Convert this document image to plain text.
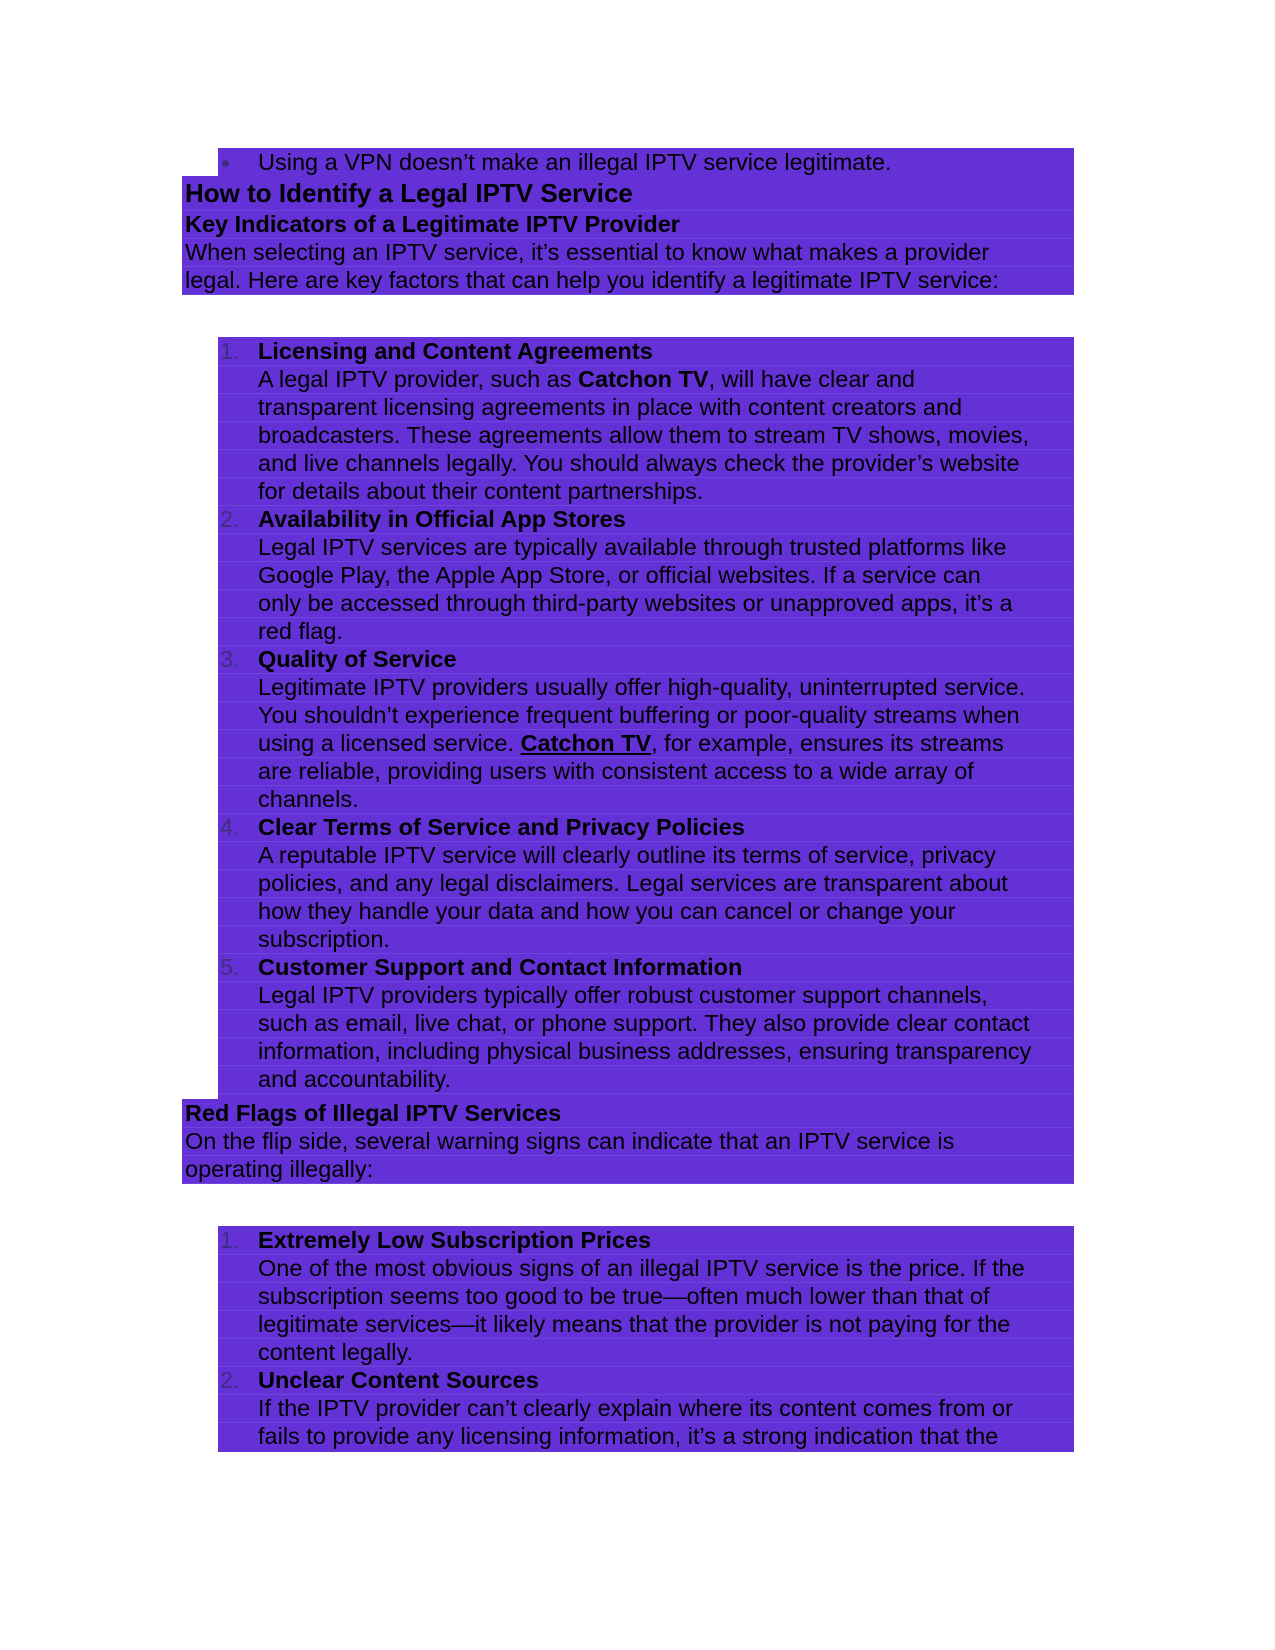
Using a VPN doesn’t make an illegal IPTV service legitimate.
How to Identify a Legal IPTV Service
Key Indicators of a Legitimate IPTV Provider
When selecting an IPTV service, it’s essential to know what makes a provider
legal. Here are key factors that can help you identify a legitimate IPTV service:
1. Licensing and Content Agreements
A legal IPTV provider, such as Catchon TV, will have clear and
transparent licensing agreements in place with content creators and
broadcasters. These agreements allow them to stream TV shows, movies,
and live channels legally. You should always check the provider’s website
for details about their content partnerships.
2. Availability in Official App Stores
Legal IPTV services are typically available through trusted platforms like
Google Play, the Apple App Store, or official websites. If a service can
only be accessed through third-party websites or unapproved apps, it’s a
red flag.
3. Quality of Service
Legitimate IPTV providers usually offer high-quality, uninterrupted service.
You shouldn’t experience frequent buffering or poor-quality streams when
using a licensed service. Catchon TV, for example, ensures its streams
are reliable, providing users with consistent access to a wide array of
channels.
4. Clear Terms of Service and Privacy Policies
A reputable IPTV service will clearly outline its terms of service, privacy
policies, and any legal disclaimers. Legal services are transparent about
how they handle your data and how you can cancel or change your
subscription.
5. Customer Support and Contact Information
Legal IPTV providers typically offer robust customer support channels,
such as email, live chat, or phone support. They also provide clear contact
information, including physical business addresses, ensuring transparency
and accountability.
Red Flags of Illegal IPTV Services
On the flip side, several warning signs can indicate that an IPTV service is
operating illegally:
1. Extremely Low Subscription Prices
One of the most obvious signs of an illegal IPTV service is the price. If the
subscription seems too good to be true—often much lower than that of
legitimate services—it likely means that the provider is not paying for the
content legally.
2. Unclear Content Sources
If the IPTV provider can’t clearly explain where its content comes from or
fails to provide any licensing information, it’s a strong indication that the
